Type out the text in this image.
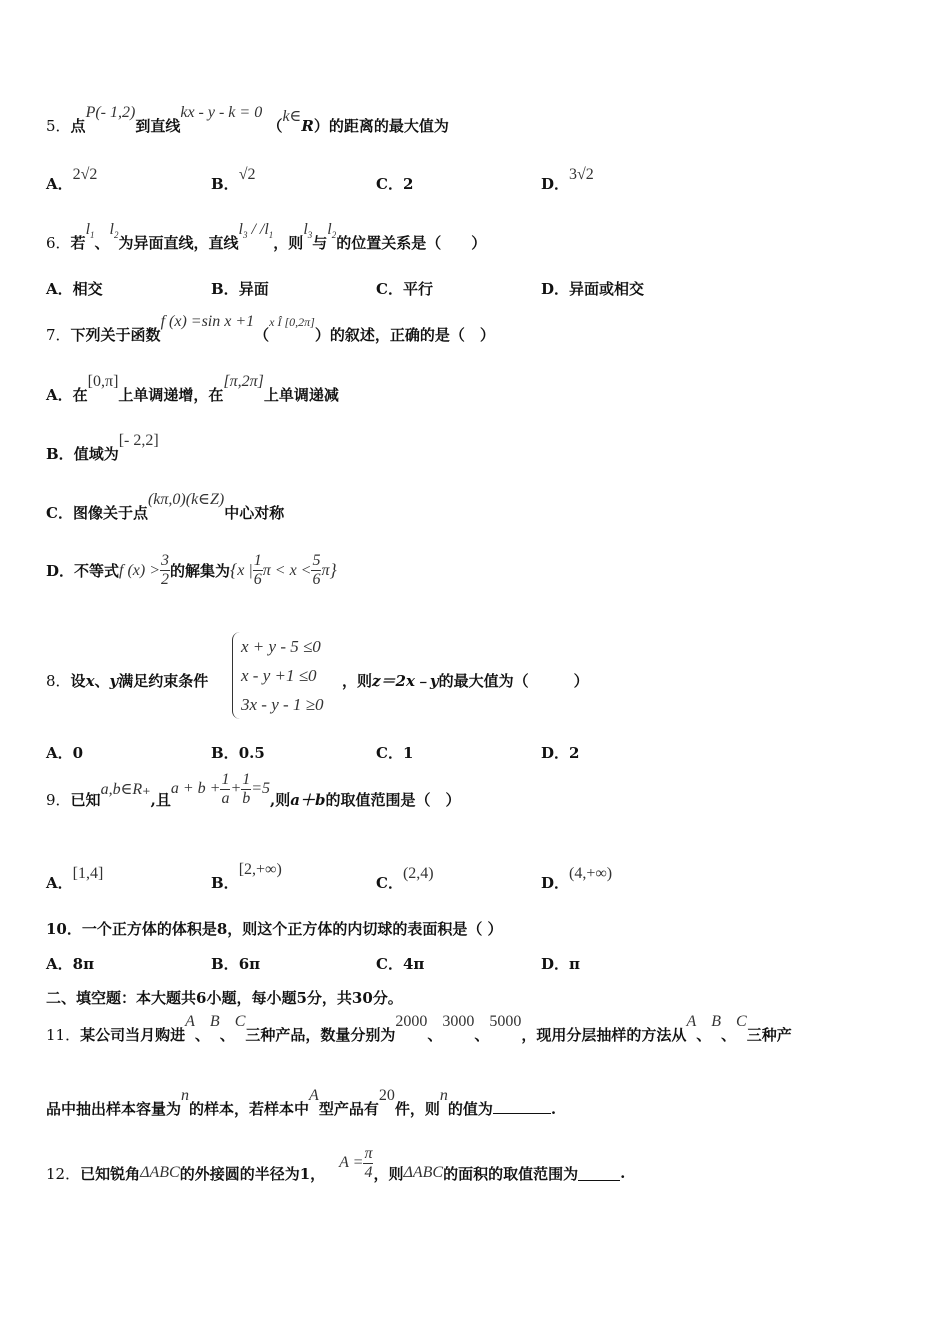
5．点P(- 1,2)到直线kx - y - k = 0 （k∈R）的距离的最大值为
A．2√2
B．√2
C．2	D．3√2
6．若$l_1$、$l_2$为异面直线，直线$l_3 / /l_1$，则$l_3$与$l_2$的位置关系是（　　）
A．相交	B．异面	C．平行	D．异面或相交
7．下列关于函数f (x) =sin x +1（$^{x Î [0,2\pi]}$）的叙述，正确的是（　）
A．在[0,π]上单调递增，在[π,2π]上单调递减
B．值域为[- 2,2]
C．图像关于点(kπ,0)(k∈Z)中心对称
D． 不等式 f $(x) > \frac{3}{2}$ 的解集为 { x | $\frac{1}{6}$ $\pi < x < \frac{5}{6}$ π }
8．设x、y满足约束条件
x + y - 5 ≤0
x - y +1 ≤0
3x - y - 1 ≥0
，则z＝2x﹣y的最大值为（　　　）
A．0	B．0.5	C．1	D．2
9． 已知
a,b∈R₊
,且
$a + b + \frac{1}{a} + \frac{1}{b} =5$
,则 a＋b 的取值范围是（　）
A．[1,4]
B．[2,+∞)
C．(2,4)
D．(4,+∞)
10．一个正方体的体积是8，则这个正方体的内切球的表面积是（ ）
A．8π	B．6π	C．4π	D．π
二、填空题：本大题共6小题，每小题5分，共30分。
11．某公司当月购进A、B、C三种产品，数量分别为2000、3000、5000，现用分层抽样的方法从A、B、C三种产
品中抽出样本容量为n的样本，若样本中A型产品有20件，则n的值为	.
12． 已知锐角 ΔABC 的外接圆的半径为1，
$A = \frac{\pi}{4}$ ，则 ΔABC 的面积的取值范围为	.
